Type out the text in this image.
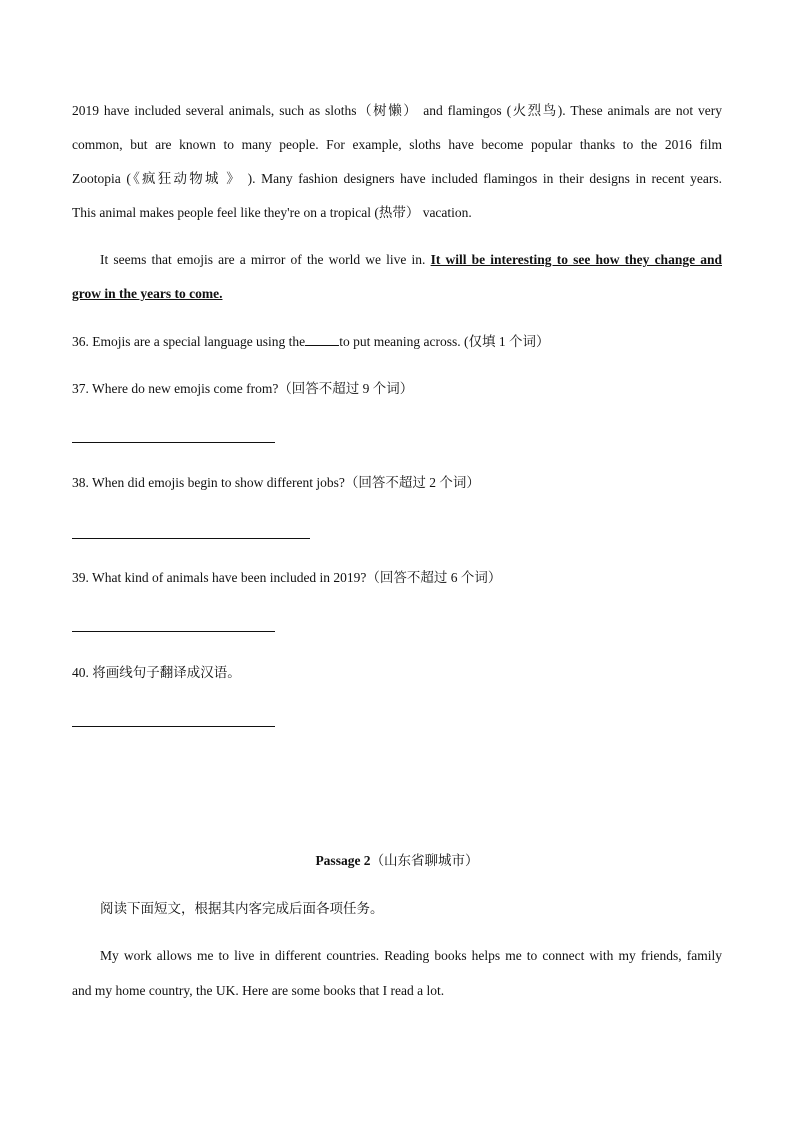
2019 have included several animals, such as sloths（树懒） and flamingos (火烈鸟). These animals are not very

common, but are known to many people. For example, sloths have become popular thanks to the 2016 film

Zootopia (《疯狂动物城 》 ). Many fashion designers have included flamingos in their designs in recent years.

This animal makes people feel like they're on a tropical (热带） vacation.

It seems that emojis are a mirror of the world we live in. It will be interesting to see how they change and

grow in the years to come.

36. Emojis are a special language using the	to put meaning across. (仅填 1 个词）

37. Where do new emojis come from?（回答不超过 9 个词）

38. When did emojis begin to show different jobs?（回答不超过 2 个词）

39. What kind of animals have been included in 2019?（回答不超过 6 个词）

40. 将画线句子翻译成汉语。

Passage 2（山东省聊城市）

阅读下面短文，根据其内客完成后面各项任务。

My work allows me to live in different countries. Reading books helps me to connect with my friends, family

and my home country, the UK. Here are some books that I read a lot.
